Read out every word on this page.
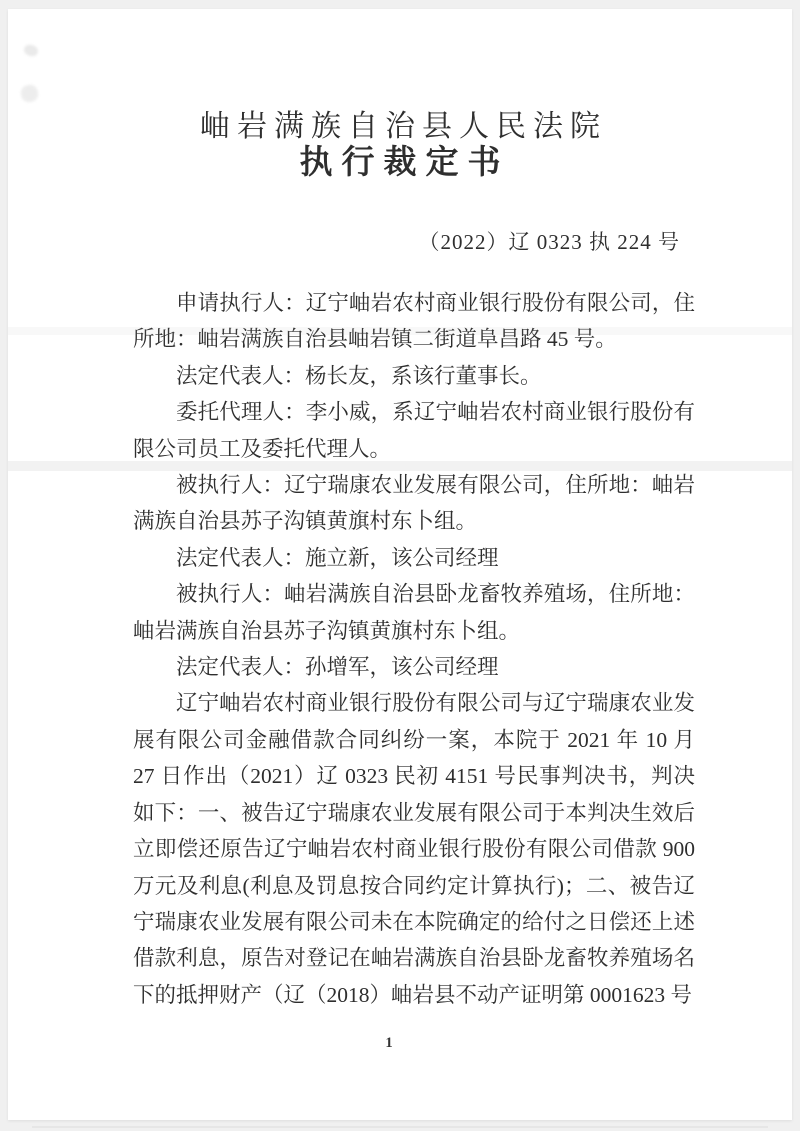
岫岩满族自治县人民法院
执行裁定书
（2022）辽 0323 执 224 号

申请执行人：辽宁岫岩农村商业银行股份有限公司，住所地：岫岩满族自治县岫岩镇二街道阜昌路 45 号。

法定代表人：杨长友，系该行董事长。

委托代理人：李小威，系辽宁岫岩农村商业银行股份有限公司员工及委托代理人。

被执行人：辽宁瑞康农业发展有限公司，住所地：岫岩满族自治县苏子沟镇黄旗村东卜组。

法定代表人：施立新，该公司经理

被执行人：岫岩满族自治县卧龙畜牧养殖场，住所地：岫岩满族自治县苏子沟镇黄旗村东卜组。

法定代表人：孙增军，该公司经理

辽宁岫岩农村商业银行股份有限公司与辽宁瑞康农业发展有限公司金融借款合同纠纷一案，本院于 2021 年 10 月 27 日作出（2021）辽 0323 民初 4151 号民事判决书，判决如下：一、被告辽宁瑞康农业发展有限公司于本判决生效后立即偿还原告辽宁岫岩农村商业银行股份有限公司借款 900 万元及利息(利息及罚息按合同约定计算执行)；二、被告辽宁瑞康农业发展有限公司未在本院确定的给付之日偿还上述借款利息，原告对登记在岫岩满族自治县卧龙畜牧养殖场名下的抵押财产（辽（2018）岫岩县不动产证明第 0001623 号

1
